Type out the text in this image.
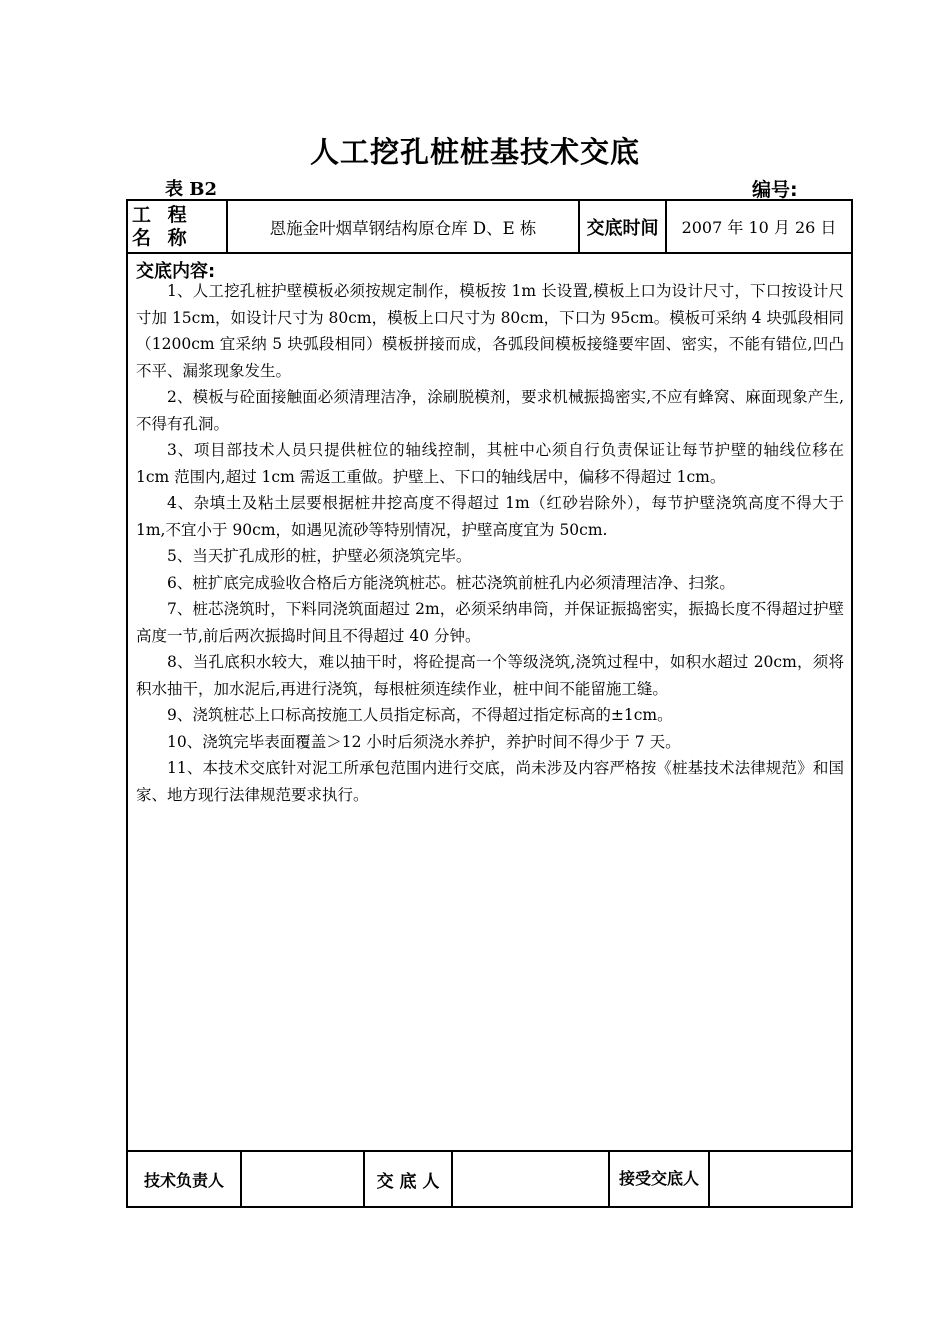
人工挖孔桩桩基技术交底
表 B2	编号:
工 程 名 称	恩施金叶烟草钢结构原仓库 D、E 栋	交底时间	2007 年 10 月 26 日
交底内容:

1、人工挖孔桩护壁模板必须按规定制作，模板按 1m 长设置,模板上口为设计尺寸，下口按设计尺寸加 15cm，如设计尺寸为 80cm，模板上口尺寸为 80cm，下口为 95cm。模板可采纳 4 块弧段相同（1200cm 宜采纳 5 块弧段相同）模板拼接而成，各弧段间模板接缝要牢固、密实，不能有错位,凹凸不平、漏浆现象发生。

2、模板与砼面接触面必须清理洁净，涂刷脱模剂，要求机械振捣密实,不应有蜂窝、麻面现象产生,不得有孔洞。

3、项目部技术人员只提供桩位的轴线控制，其桩中心须自行负责保证让每节护壁的轴线位移在 1cm 范围内,超过 1cm 需返工重做。护壁上、下口的轴线居中，偏移不得超过 1cm。

4、杂填土及粘土层要根据桩井挖高度不得超过 1m（红砂岩除外），每节护壁浇筑高度不得大于 1m,不宜小于 90cm，如遇见流砂等特别情况，护壁高度宜为 50cm.

5、当天扩孔成形的桩，护壁必须浇筑完毕。

6、桩扩底完成验收合格后方能浇筑桩芯。桩芯浇筑前桩孔内必须清理洁净、扫浆。

7、桩芯浇筑时，下料同浇筑面超过 2m，必须采纳串筒，并保证振捣密实，振捣长度不得超过护壁高度一节,前后两次振捣时间且不得超过 40 分钟。

8、当孔底积水较大，难以抽干时，将砼提高一个等级浇筑,浇筑过程中，如积水超过 20cm，须将积水抽干，加水泥后,再进行浇筑，每根桩须连续作业，桩中间不能留施工缝。

9、浇筑桩芯上口标高按施工人员指定标高，不得超过指定标高的±1cm。

10、浇筑完毕表面覆盖＞12 小时后须浇水养护，养护时间不得少于 7 天。

11、本技术交底针对泥工所承包范围内进行交底，尚未涉及内容严格按《桩基技术法律规范》和国家、地方现行法律规范要求执行。

技术负责人	交 底 人	接受交底人
